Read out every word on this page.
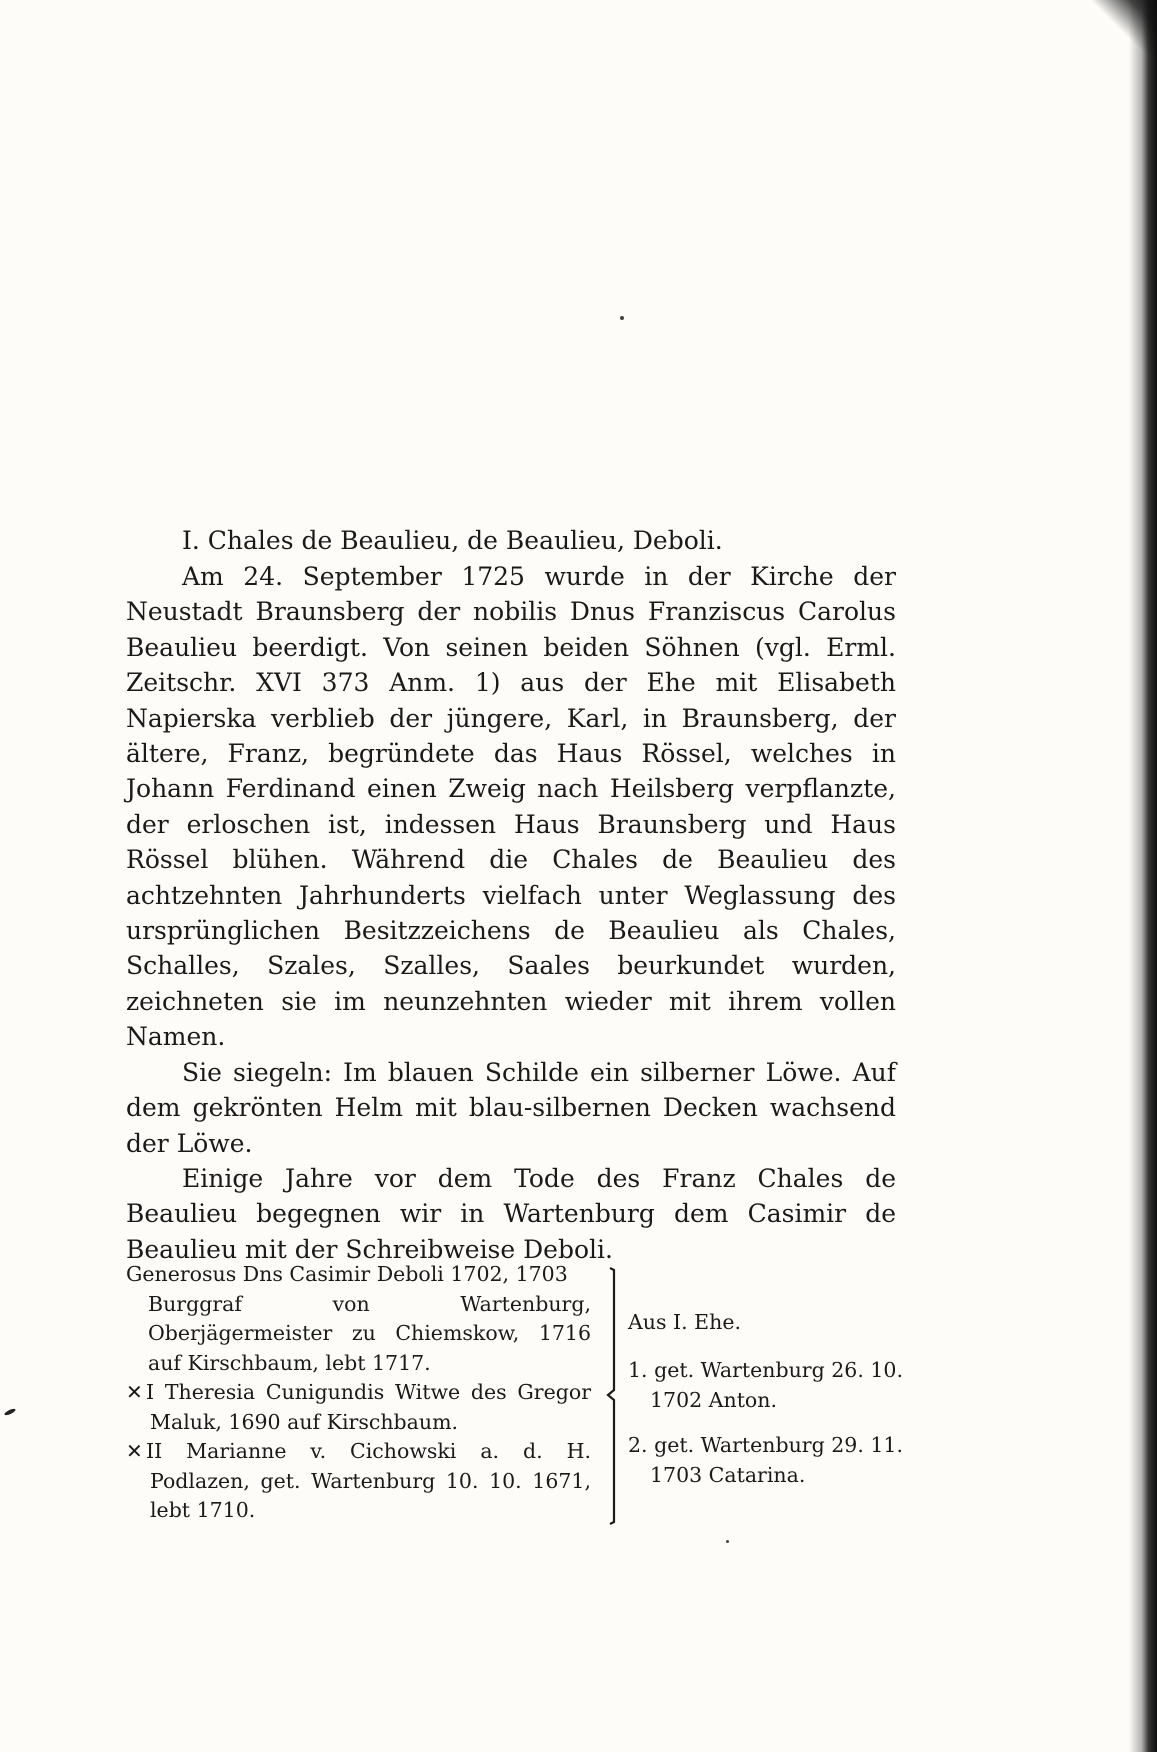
I. Chales de Beaulieu, de Beaulieu, Deboli.

Am 24. September 1725 wurde in der Kirche der Neustadt Braunsberg der nobilis Dnus Franziscus Carolus Beaulieu beerdigt. Von seinen beiden Söhnen (vgl. Erml. Zeitschr. XVI 373 Anm. 1) aus der Ehe mit Elisabeth Napierska verblieb der jüngere, Karl, in Braunsberg, der ältere, Franz, begründete das Haus Rössel, welches in Johann Ferdinand einen Zweig nach Heilsberg verpflanzte, der erloschen ist, indessen Haus Braunsberg und Haus Rössel blühen. Während die Chales de Beaulieu des achtzehnten Jahrhunderts vielfach unter Weglassung des ursprünglichen Besitzzeichens de Beaulieu als Chales, Schalles, Szales, Szalles, Saales beurkundet wurden, zeichneten sie im neunzehnten wieder mit ihrem vollen Namen.

Sie siegeln: Im blauen Schilde ein silberner Löwe. Auf dem gekrönten Helm mit blau-silbernen Decken wachsend der Löwe.

Einige Jahre vor dem Tode des Franz Chales de Beaulieu begegnen wir in Wartenburg dem Casimir de Beaulieu mit der Schreibweise Deboli.

Generosus Dns Casimir Deboli 1702, 1703

Burggraf von Wartenburg, Oberjägermeister zu Chiemskow, 1716 auf Kirschbaum, lebt 1717.

✕ I Theresia Cunigundis Witwe des Gregor Maluk, 1690 auf Kirschbaum.

✕ II Marianne v. Cichowski a. d. H. Podlazen, get. Wartenburg 10. 10. 1671, lebt 1710.

Aus I. Ehe.
1. get. Wartenburg 26. 10. 1702 Anton.
2. get. Wartenburg 29. 11. 1703 Catarina.
